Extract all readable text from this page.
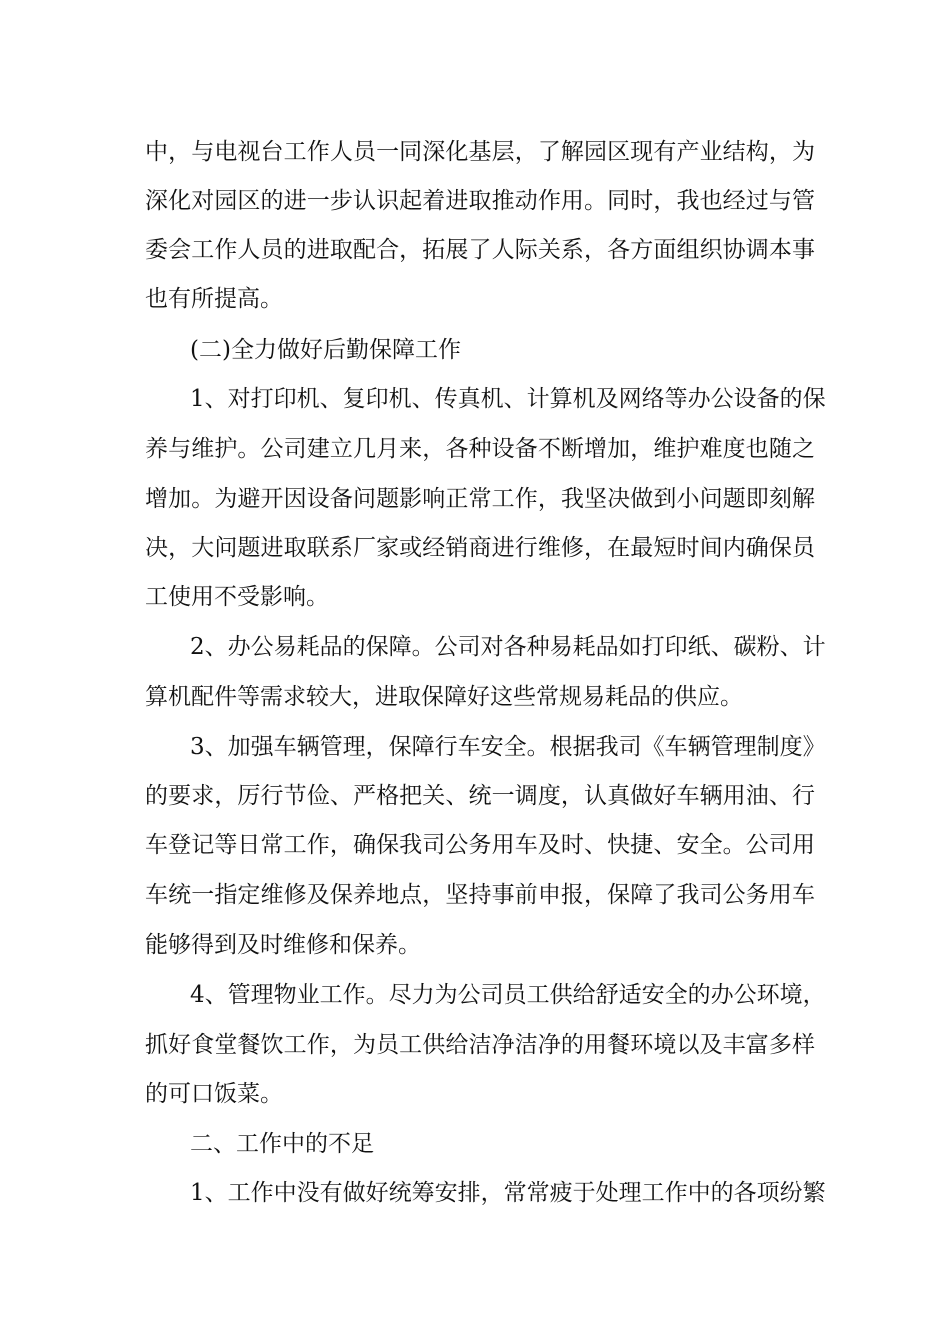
中，与电视台工作人员一同深化基层，了解园区现有产业结构，为
深化对园区的进一步认识起着进取推动作用。同时，我也经过与管
委会工作人员的进取配合，拓展了人际关系，各方面组织协调本事
也有所提高。
(二)全力做好后勤保障工作
1、对打印机、复印机、传真机、计算机及网络等办公设备的保
养与维护。公司建立几月来，各种设备不断增加，维护难度也随之
增加。为避开因设备问题影响正常工作，我坚决做到小问题即刻解
决，大问题进取联系厂家或经销商进行维修，在最短时间内确保员
工使用不受影响。
2、办公易耗品的保障。公司对各种易耗品如打印纸、碳粉、计
算机配件等需求较大，进取保障好这些常规易耗品的供应。
3、加强车辆管理，保障行车安全。根据我司《车辆管理制度》
的要求，厉行节俭、严格把关、统一调度，认真做好车辆用油、行
车登记等日常工作，确保我司公务用车及时、快捷、安全。公司用
车统一指定维修及保养地点，坚持事前申报，保障了我司公务用车
能够得到及时维修和保养。
4、管理物业工作。尽力为公司员工供给舒适安全的办公环境，
抓好食堂餐饮工作，为员工供给洁净洁净的用餐环境以及丰富多样
的可口饭菜。
二、工作中的不足
1、工作中没有做好统筹安排，常常疲于处理工作中的各项纷繁
